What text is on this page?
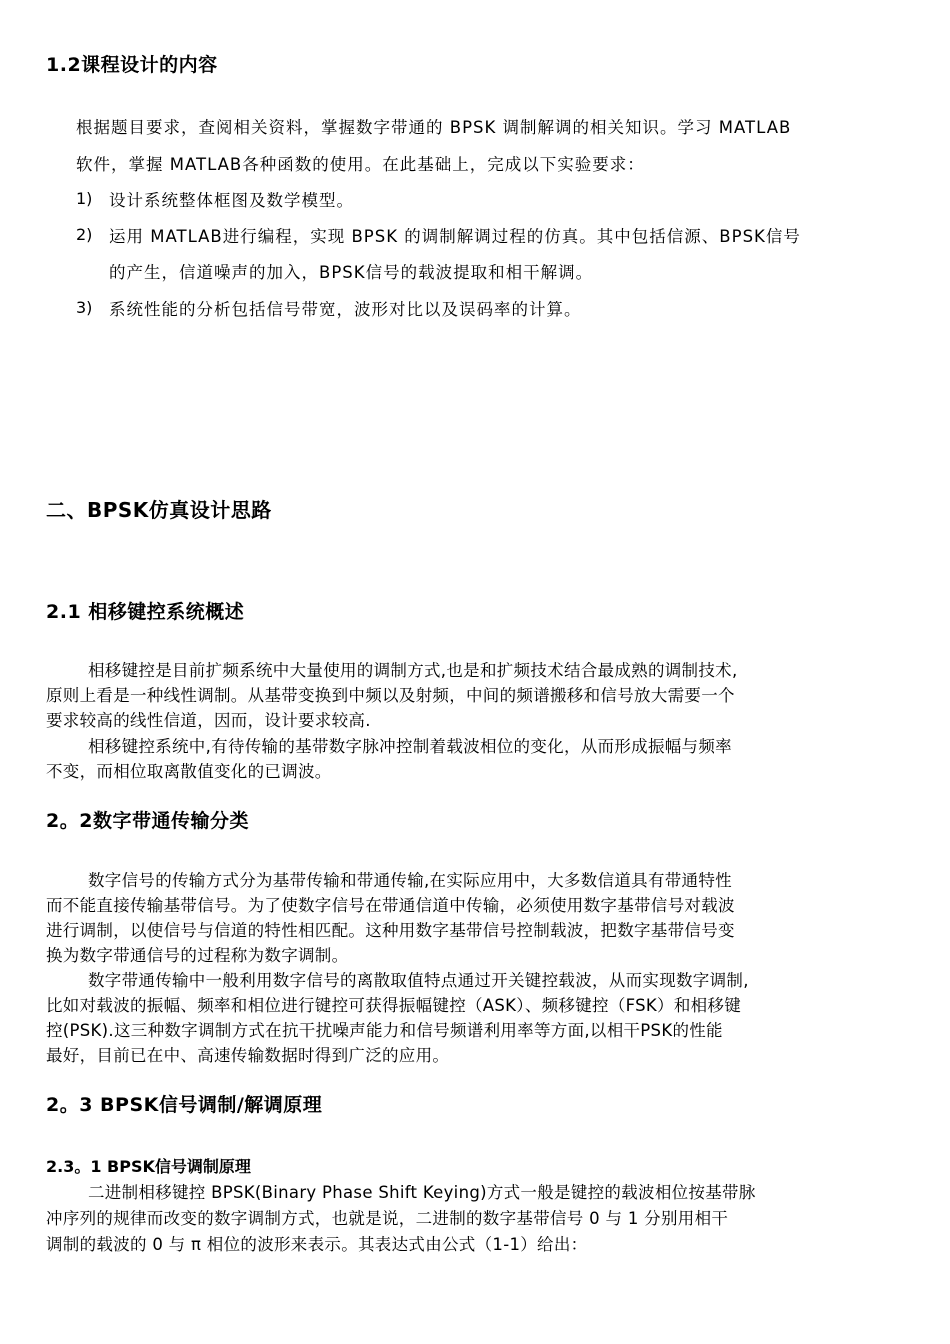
1.2课程设计的内容
根据题目要求，查阅相关资料，掌握数字带通的 BPSK 调制解调的相关知识。学习 MATLAB
软件，掌握 MATLAB各种函数的使用。在此基础上，完成以下实验要求：
1) 设计系统整体框图及数学模型。
2) 运用 MATLAB进行编程，实现 BPSK 的调制解调过程的仿真。其中包括信源、BPSK信号
的产生，信道噪声的加入，BPSK信号的载波提取和相干解调。
3) 系统性能的分析包括信号带宽，波形对比以及误码率的计算。
二、BPSK仿真设计思路
2.1 相移键控系统概述
相移键控是目前扩频系统中大量使用的调制方式,也是和扩频技术结合最成熟的调制技术,
原则上看是一种线性调制。从基带变换到中频以及射频，中间的频谱搬移和信号放大需要一个
要求较高的线性信道，因而，设计要求较高.
相移键控系统中,有待传输的基带数字脉冲控制着载波相位的变化，从而形成振幅与频率
不变，而相位取离散值变化的已调波。
2。2数字带通传输分类
数字信号的传输方式分为基带传输和带通传输,在实际应用中，大多数信道具有带通特性
而不能直接传输基带信号。为了使数字信号在带通信道中传输，必须使用数字基带信号对载波
进行调制，以使信号与信道的特性相匹配。这种用数字基带信号控制载波，把数字基带信号变
换为数字带通信号的过程称为数字调制。
数字带通传输中一般利用数字信号的离散取值特点通过开关键控载波，从而实现数字调制,
比如对载波的振幅、频率和相位进行键控可获得振幅键控（ASK）、频移键控（FSK）和相移键
控(PSK).这三种数字调制方式在抗干扰噪声能力和信号频谱利用率等方面,以相干PSK的性能
最好，目前已在中、高速传输数据时得到广泛的应用。
2。3 BPSK信号调制/解调原理
2.3。1 BPSK信号调制原理
二进制相移键控 BPSK(Binary Phase Shift Keying)方式一般是键控的载波相位按基带脉
冲序列的规律而改变的数字调制方式，也就是说，二进制的数字基带信号 0 与 1 分别用相干
调制的载波的 0 与 π 相位的波形来表示。其表达式由公式（1-1）给出：
